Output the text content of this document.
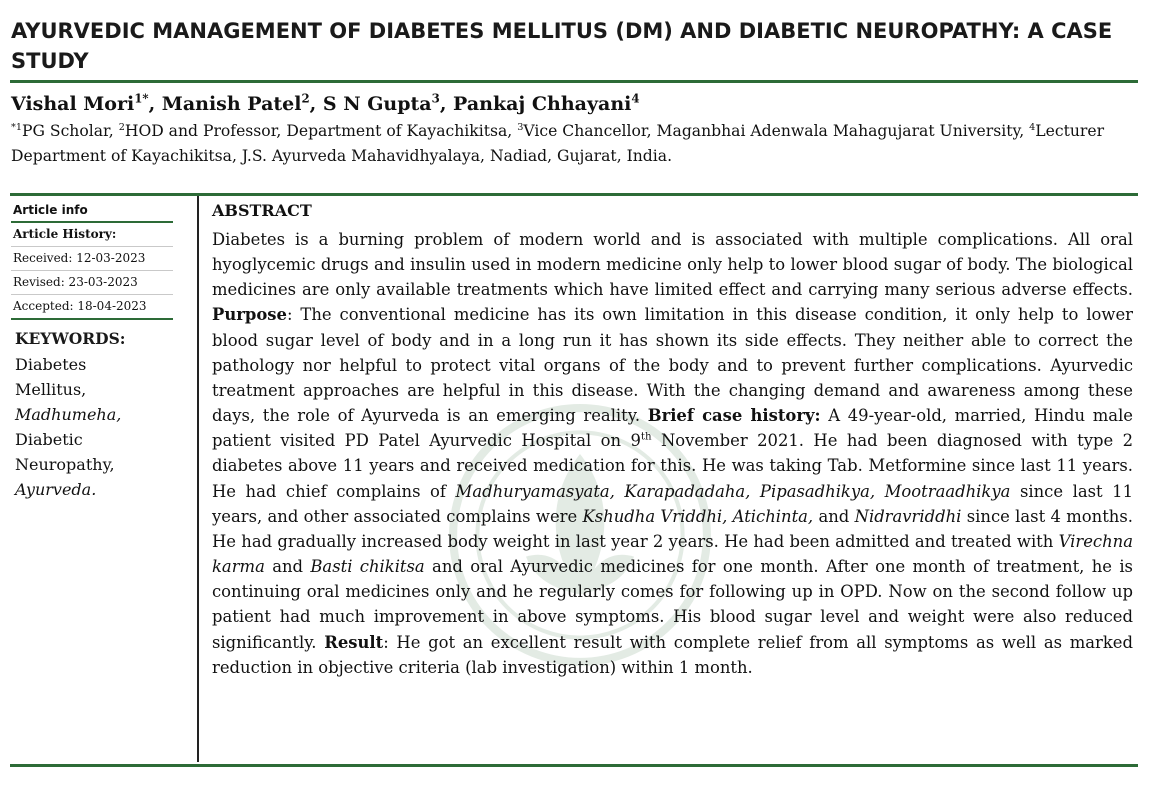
AYURVEDIC MANAGEMENT OF DIABETES MELLITUS (DM) AND DIABETIC NEUROPATHY: A CASE STUDY
Vishal Mori$^{1*}$, Manish Patel$^2$, S N Gupta$^3$, Pankaj Chhayani$^4$
$^{*1}$PG Scholar, $^2$HOD and Professor, Department of Kayachikitsa, $^3$Vice Chancellor, Maganbhai Adenwala Mahagujarat University, $^4$Lecturer Department of Kayachikitsa, J.S. Ayurveda Mahavidhyalaya, Nadiad, Gujarat, India.
Article info
Article History:
Received: 12-03-2023
Revised: 23-03-2023
Accepted: 18-04-2023
KEYWORDS:
Diabetes
Mellitus,
Madhumeha,
Diabetic
Neuropathy,
Ayurveda.
ABSTRACT

Diabetes is a burning problem of modern world and is associated with multiple complications. All oral hyoglycemic drugs and insulin used in modern medicine only help to lower blood sugar of body. The biological medicines are only available treatments which have limited effect and carrying many serious adverse effects. Purpose: The conventional medicine has its own limitation in this disease condition, it only help to lower blood sugar level of body and in a long run it has shown its side effects. They neither able to correct the pathology nor helpful to protect vital organs of the body and to prevent further complications. Ayurvedic treatment approaches are helpful in this disease. With the changing demand and awareness among these days, the role of Ayurveda is an emerging reality. Brief case history: A 49-year-old, married, Hindu male patient visited PD Patel Ayurvedic Hospital on 9th November 2021. He had been diagnosed with type 2 diabetes above 11 years and received medication for this. He was taking Tab. Metformine since last 11 years. He had chief complains of Madhuryamasyata, Karapadadaha, Pipasadhikya, Mootraadhikya since last 11 years, and other associated complains were Kshudha Vriddhi, Atichinta, and Nidravriddhi since last 4 months. He had gradually increased body weight in last year 2 years. He had been admitted and treated with Virechna karma and Basti chikitsa and oral Ayurvedic medicines for one month. After one month of treatment, he is continuing oral medicines only and he regularly comes for following up in OPD. Now on the second follow up patient had much improvement in above symptoms. His blood sugar level and weight were also reduced significantly. Result: He got an excellent result with complete relief from all symptoms as well as marked reduction in objective criteria (lab investigation) within 1 month.
